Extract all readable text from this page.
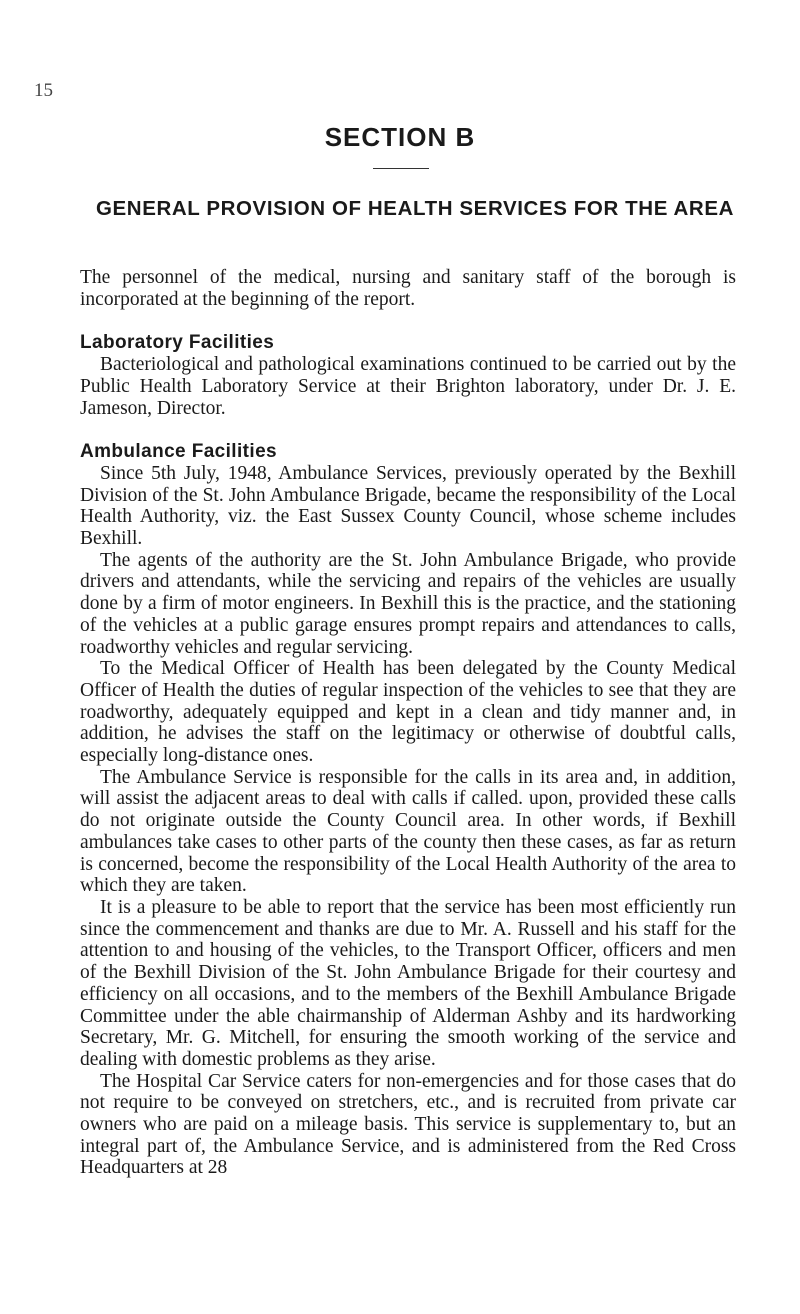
15
SECTION B
GENERAL PROVISION OF HEALTH SERVICES FOR THE AREA

The personnel of the medical, nursing and sanitary staff of the borough is incorporated at the beginning of the report.

Laboratory Facilities

Bacteriological and pathological examinations continued to be carried out by the Public Health Laboratory Service at their Brighton laboratory, under Dr. J. E. Jameson, Director.

Ambulance Facilities

Since 5th July, 1948, Ambulance Services, previously operated by the Bexhill Division of the St. John Ambulance Brigade, became the responsibility of the Local Health Authority, viz. the East Sussex County Council, whose scheme includes Bexhill.

The agents of the authority are the St. John Ambulance Brigade, who provide drivers and attendants, while the servicing and repairs of the vehicles are usually done by a firm of motor engineers. In Bexhill this is the practice, and the stationing of the vehicles at a public garage ensures prompt repairs and attendances to calls, roadworthy vehicles and regular servicing.

To the Medical Officer of Health has been delegated by the County Medical Officer of Health the duties of regular inspection of the vehicles to see that they are roadworthy, adequately equipped and kept in a clean and tidy manner and, in addition, he advises the staff on the legitimacy or otherwise of doubtful calls, especially long-distance ones.

The Ambulance Service is responsible for the calls in its area and, in addition, will assist the adjacent areas to deal with calls if called. upon, provided these calls do not originate outside the County Council area. In other words, if Bexhill ambulances take cases to other parts of the county then these cases, as far as return is concerned, become the responsibility of the Local Health Authority of the area to which they are taken.

It is a pleasure to be able to report that the service has been most efficiently run since the commencement and thanks are due to Mr. A. Russell and his staff for the attention to and housing of the vehicles, to the Transport Officer, officers and men of the Bexhill Division of the St. John Ambulance Brigade for their courtesy and efficiency on all occasions, and to the members of the Bexhill Ambulance Brigade Committee under the able chairmanship of Alderman Ashby and its hardworking Secretary, Mr. G. Mitchell, for ensuring the smooth working of the service and dealing with domestic problems as they arise.

The Hospital Car Service caters for non-emergencies and for those cases that do not require to be conveyed on stretchers, etc., and is recruited from private car owners who are paid on a mileage basis. This service is supplementary to, but an integral part of, the Ambulance Service, and is administered from the Red Cross Headquarters at 28
